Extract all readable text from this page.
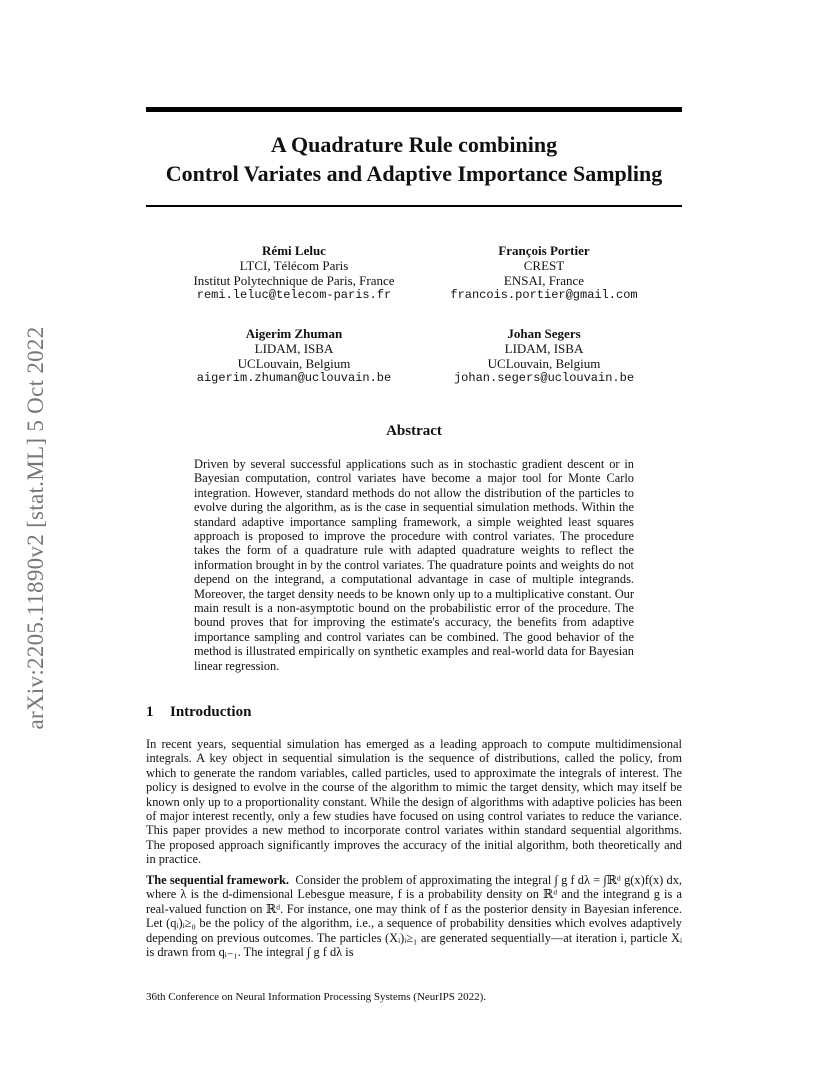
arXiv:2205.11890v2 [stat.ML] 5 Oct 2022
A Quadrature Rule combining
Control Variates and Adaptive Importance Sampling
Rémi Leluc
LTCI, Télécom Paris
Institut Polytechnique de Paris, France
remi.leluc@telecom-paris.fr
François Portier
CREST
ENSAI, France
francois.portier@gmail.com
Aigerim Zhuman
LIDAM, ISBA
UCLouvain, Belgium
aigerim.zhuman@uclouvain.be
Johan Segers
LIDAM, ISBA
UCLouvain, Belgium
johan.segers@uclouvain.be
Abstract
Driven by several successful applications such as in stochastic gradient descent or in Bayesian computation, control variates have become a major tool for Monte Carlo integration. However, standard methods do not allow the distribution of the particles to evolve during the algorithm, as is the case in sequential simulation methods. Within the standard adaptive importance sampling framework, a simple weighted least squares approach is proposed to improve the procedure with control variates. The procedure takes the form of a quadrature rule with adapted quadrature weights to reflect the information brought in by the control variates. The quadrature points and weights do not depend on the integrand, a computational advantage in case of multiple integrands. Moreover, the target density needs to be known only up to a multiplicative constant. Our main result is a non-asymptotic bound on the probabilistic error of the procedure. The bound proves that for improving the estimate's accuracy, the benefits from adaptive importance sampling and control variates can be combined. The good behavior of the method is illustrated empirically on synthetic examples and real-world data for Bayesian linear regression.
1 Introduction
In recent years, sequential simulation has emerged as a leading approach to compute multidimensional integrals. A key object in sequential simulation is the sequence of distributions, called the policy, from which to generate the random variables, called particles, used to approximate the integrals of interest. The policy is designed to evolve in the course of the algorithm to mimic the target density, which may itself be known only up to a proportionality constant. While the design of algorithms with adaptive policies has been of major interest recently, only a few studies have focused on using control variates to reduce the variance. This paper provides a new method to incorporate control variates within standard sequential algorithms. The proposed approach significantly improves the accuracy of the initial algorithm, both theoretically and in practice.
The sequential framework. Consider the problem of approximating the integral ∫ g f dλ = ∫ℝᵈ g(x)f(x) dx, where λ is the d-dimensional Lebesgue measure, f is a probability density on ℝᵈ and the integrand g is a real-valued function on ℝᵈ. For instance, one may think of f as the posterior density in Bayesian inference. Let (qᵢ)ᵢ≥₀ be the policy of the algorithm, i.e., a sequence of probability densities which evolves adaptively depending on previous outcomes. The particles (Xᵢ)ᵢ≥₁ are generated sequentially—at iteration i, particle Xᵢ is drawn from qᵢ₋₁. The integral ∫ g f dλ is
36th Conference on Neural Information Processing Systems (NeurIPS 2022).
